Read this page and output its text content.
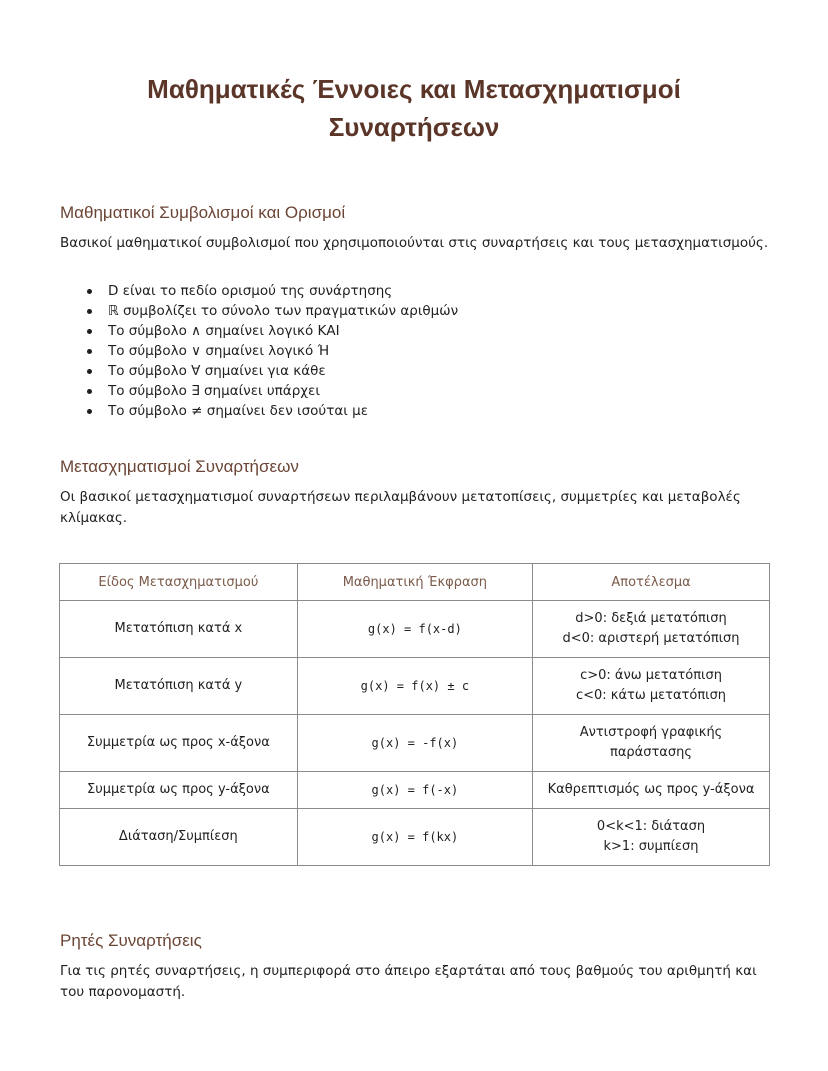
Μαθηματικές Έννοιες και Μετασχηματισμοί Συναρτήσεων
Μαθηματικοί Συμβολισμοί και Ορισμοί

Βασικοί μαθηματικοί συμβολισμοί που χρησιμοποιούνται στις συναρτήσεις και τους μετασχηματισμούς.

D είναι το πεδίο ορισμού της συνάρτησης
ℝ συμβολίζει το σύνολο των πραγματικών αριθμών
Το σύμβολο ∧ σημαίνει λογικό ΚΑΙ
Το σύμβολο ∨ σημαίνει λογικό Ή
Το σύμβολο ∀ σημαίνει για κάθε
Το σύμβολο ∃ σημαίνει υπάρχει
Το σύμβολο ≠ σημαίνει δεν ισούται με
Μετασχηματισμοί Συναρτήσεων

Οι βασικοί μετασχηματισμοί συναρτήσεων περιλαμβάνουν μετατοπίσεις, συμμετρίες και μεταβολές κλίμακας.

Είδος Μετασχηματισμού	Μαθηματική Έκφραση	Αποτέλεσμα
Μετατόπιση κατά x	g(x) = f(x-d)	d>0: δεξιά μετατόπιση
d<0: αριστερή μετατόπιση

Μετατόπιση κατά y	g(x) = f(x) ± c	c>0: άνω μετατόπιση
c<0: κάτω μετατόπιση

Συμμετρία ως προς x-άξονα	g(x) = -f(x)	Αντιστροφή γραφικής
παράστασης

Συμμετρία ως προς y-άξονα	g(x) = f(-x)	Καθρεπτισμός ως προς y-άξονα

Διάταση/Συμπίεση	g(x) = f(kx)	0<k<1: διάταση
k>1: συμπίεση
Ρητές Συναρτήσεις

Για τις ρητές συναρτήσεις, η συμπεριφορά στο άπειρο εξαρτάται από τους βαθμούς του αριθμητή και του παρονομαστή.
